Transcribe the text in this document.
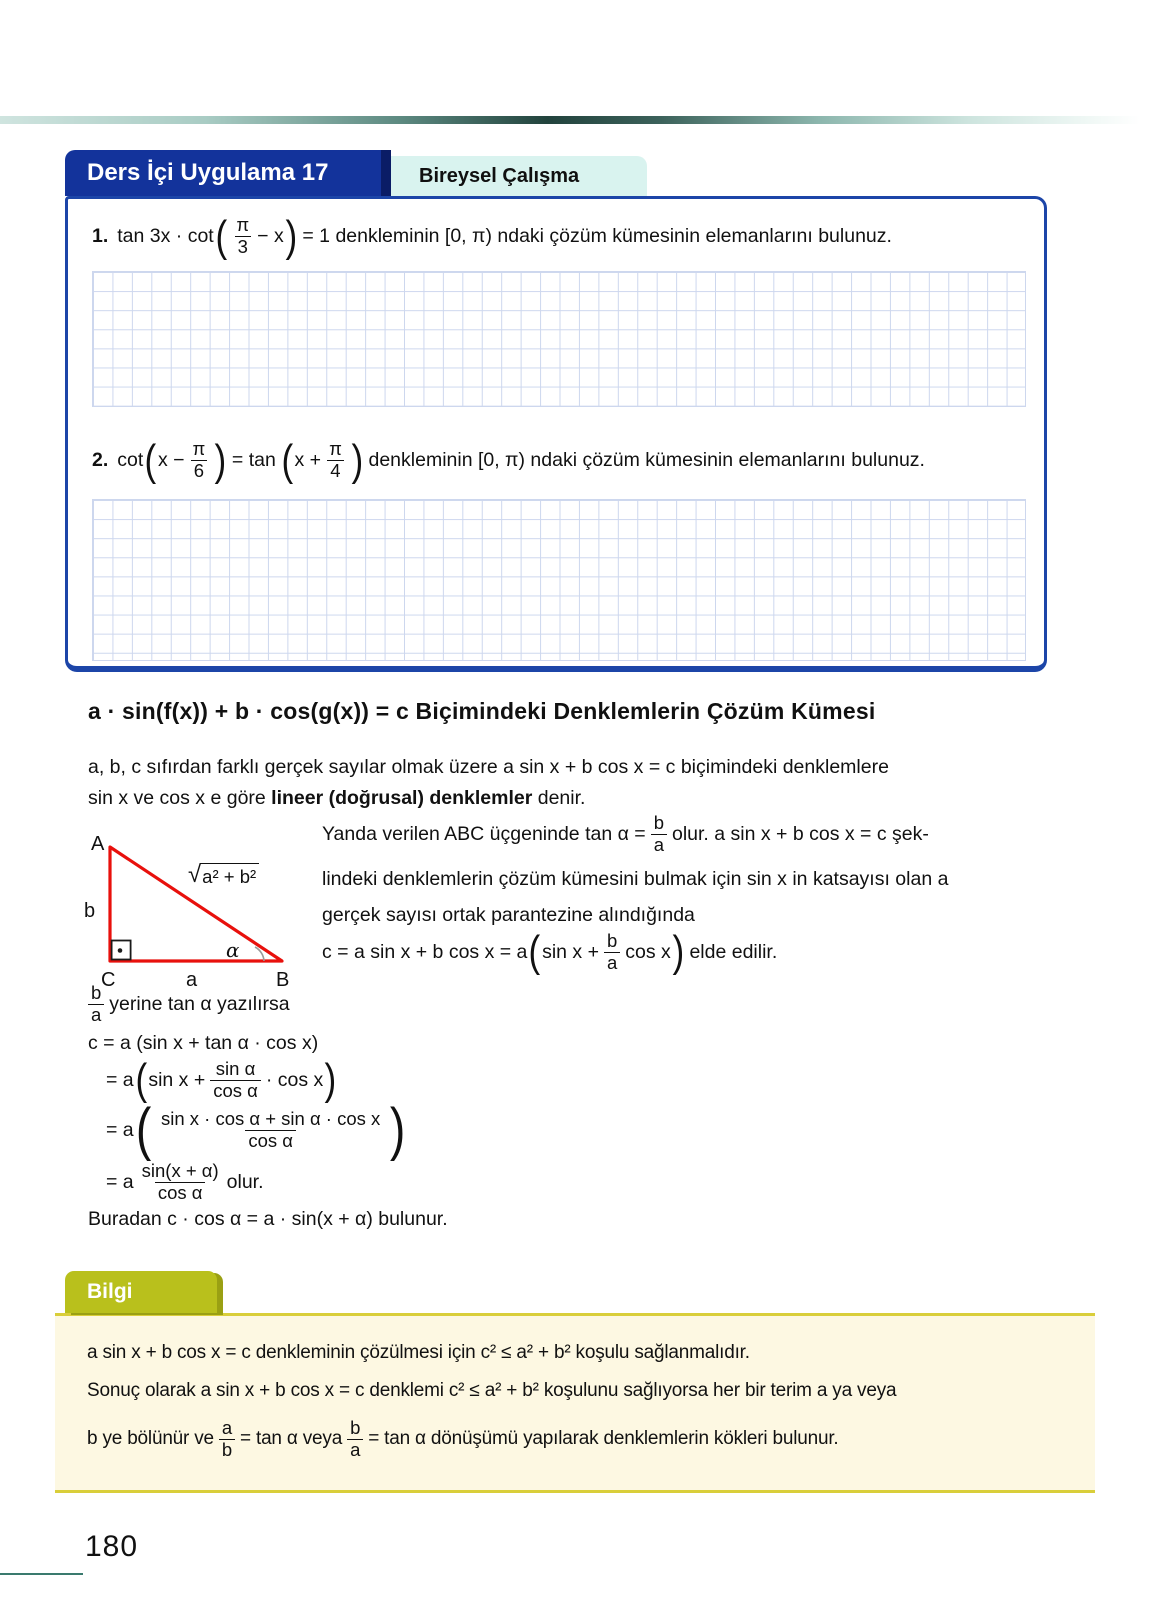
Trigonometri
Ders İçi Uygulama 17	Bireysel Çalışma
1. tan 3x · cot ( $\frac{\pi}{3} - x$ ) = 1 denkleminin [0, π) ndaki çözüm kümesinin elemanlarını bulunuz.
2. cot ( $x - \frac{\pi}{6}$ ) = tan ( $x + \frac{\pi}{4}$ ) denkleminin [0, π) ndaki çözüm kümesinin elemanlarını bulunuz.
a · sin(f(x)) + b · cos(g(x)) = c Biçimindeki Denklemlerin Çözüm Kümesi
a, b, c sıfırdan farklı gerçek sayılar olmak üzere a sin x + b cos x = c biçimindeki denklemlere
sin x ve cos x e göre lineer (doğrusal) denklemler denir.
A
b
C	a	B
α
√ a² + b²
Yanda verilen ABC üçgeninde $\tan \alpha = \frac{b}{a}$ olur. a sin x + b cos x = c şek-
lindeki denklemlerin çözüm kümesini bulmak için sin x in katsayısı olan a
gerçek sayısı ortak parantezine alındığında
c = a sin x + b cos x = a ( $\sin x + \frac{b}{a}$ cos x ) elde edilir.
$\frac{b}{a}$ yerine tan α yazılırsa
c = a (sin x + tan α · cos x)
= a ( $\sin x + \frac{\text{sin α}}{\text{cos α}} \cdot \cos x$ )
= a ( $\frac{\text{sin x · cos α + sin α · cos x}}{\text{cos α}}$ )
= a $\frac{\sin(x + \alpha)}{\text{cos α}}$ olur.
Buradan c · cos α = a · sin(x + α) bulunur.
Bilgi
a sin x + b cos x = c denkleminin çözülmesi için c² ≤ a² + b² koşulu sağlanmalıdır.
Sonuç olarak a sin x + b cos x = c denklemi c² ≤ a² + b² koşulunu sağlıyorsa her bir terim a ya veya
b ye bölünür ve $\frac{a}{b} = \tan \alpha$ veya $\frac{b}{a} = \tan \alpha$ dönüşümü yapılarak denklemlerin kökleri bulunur.
180
